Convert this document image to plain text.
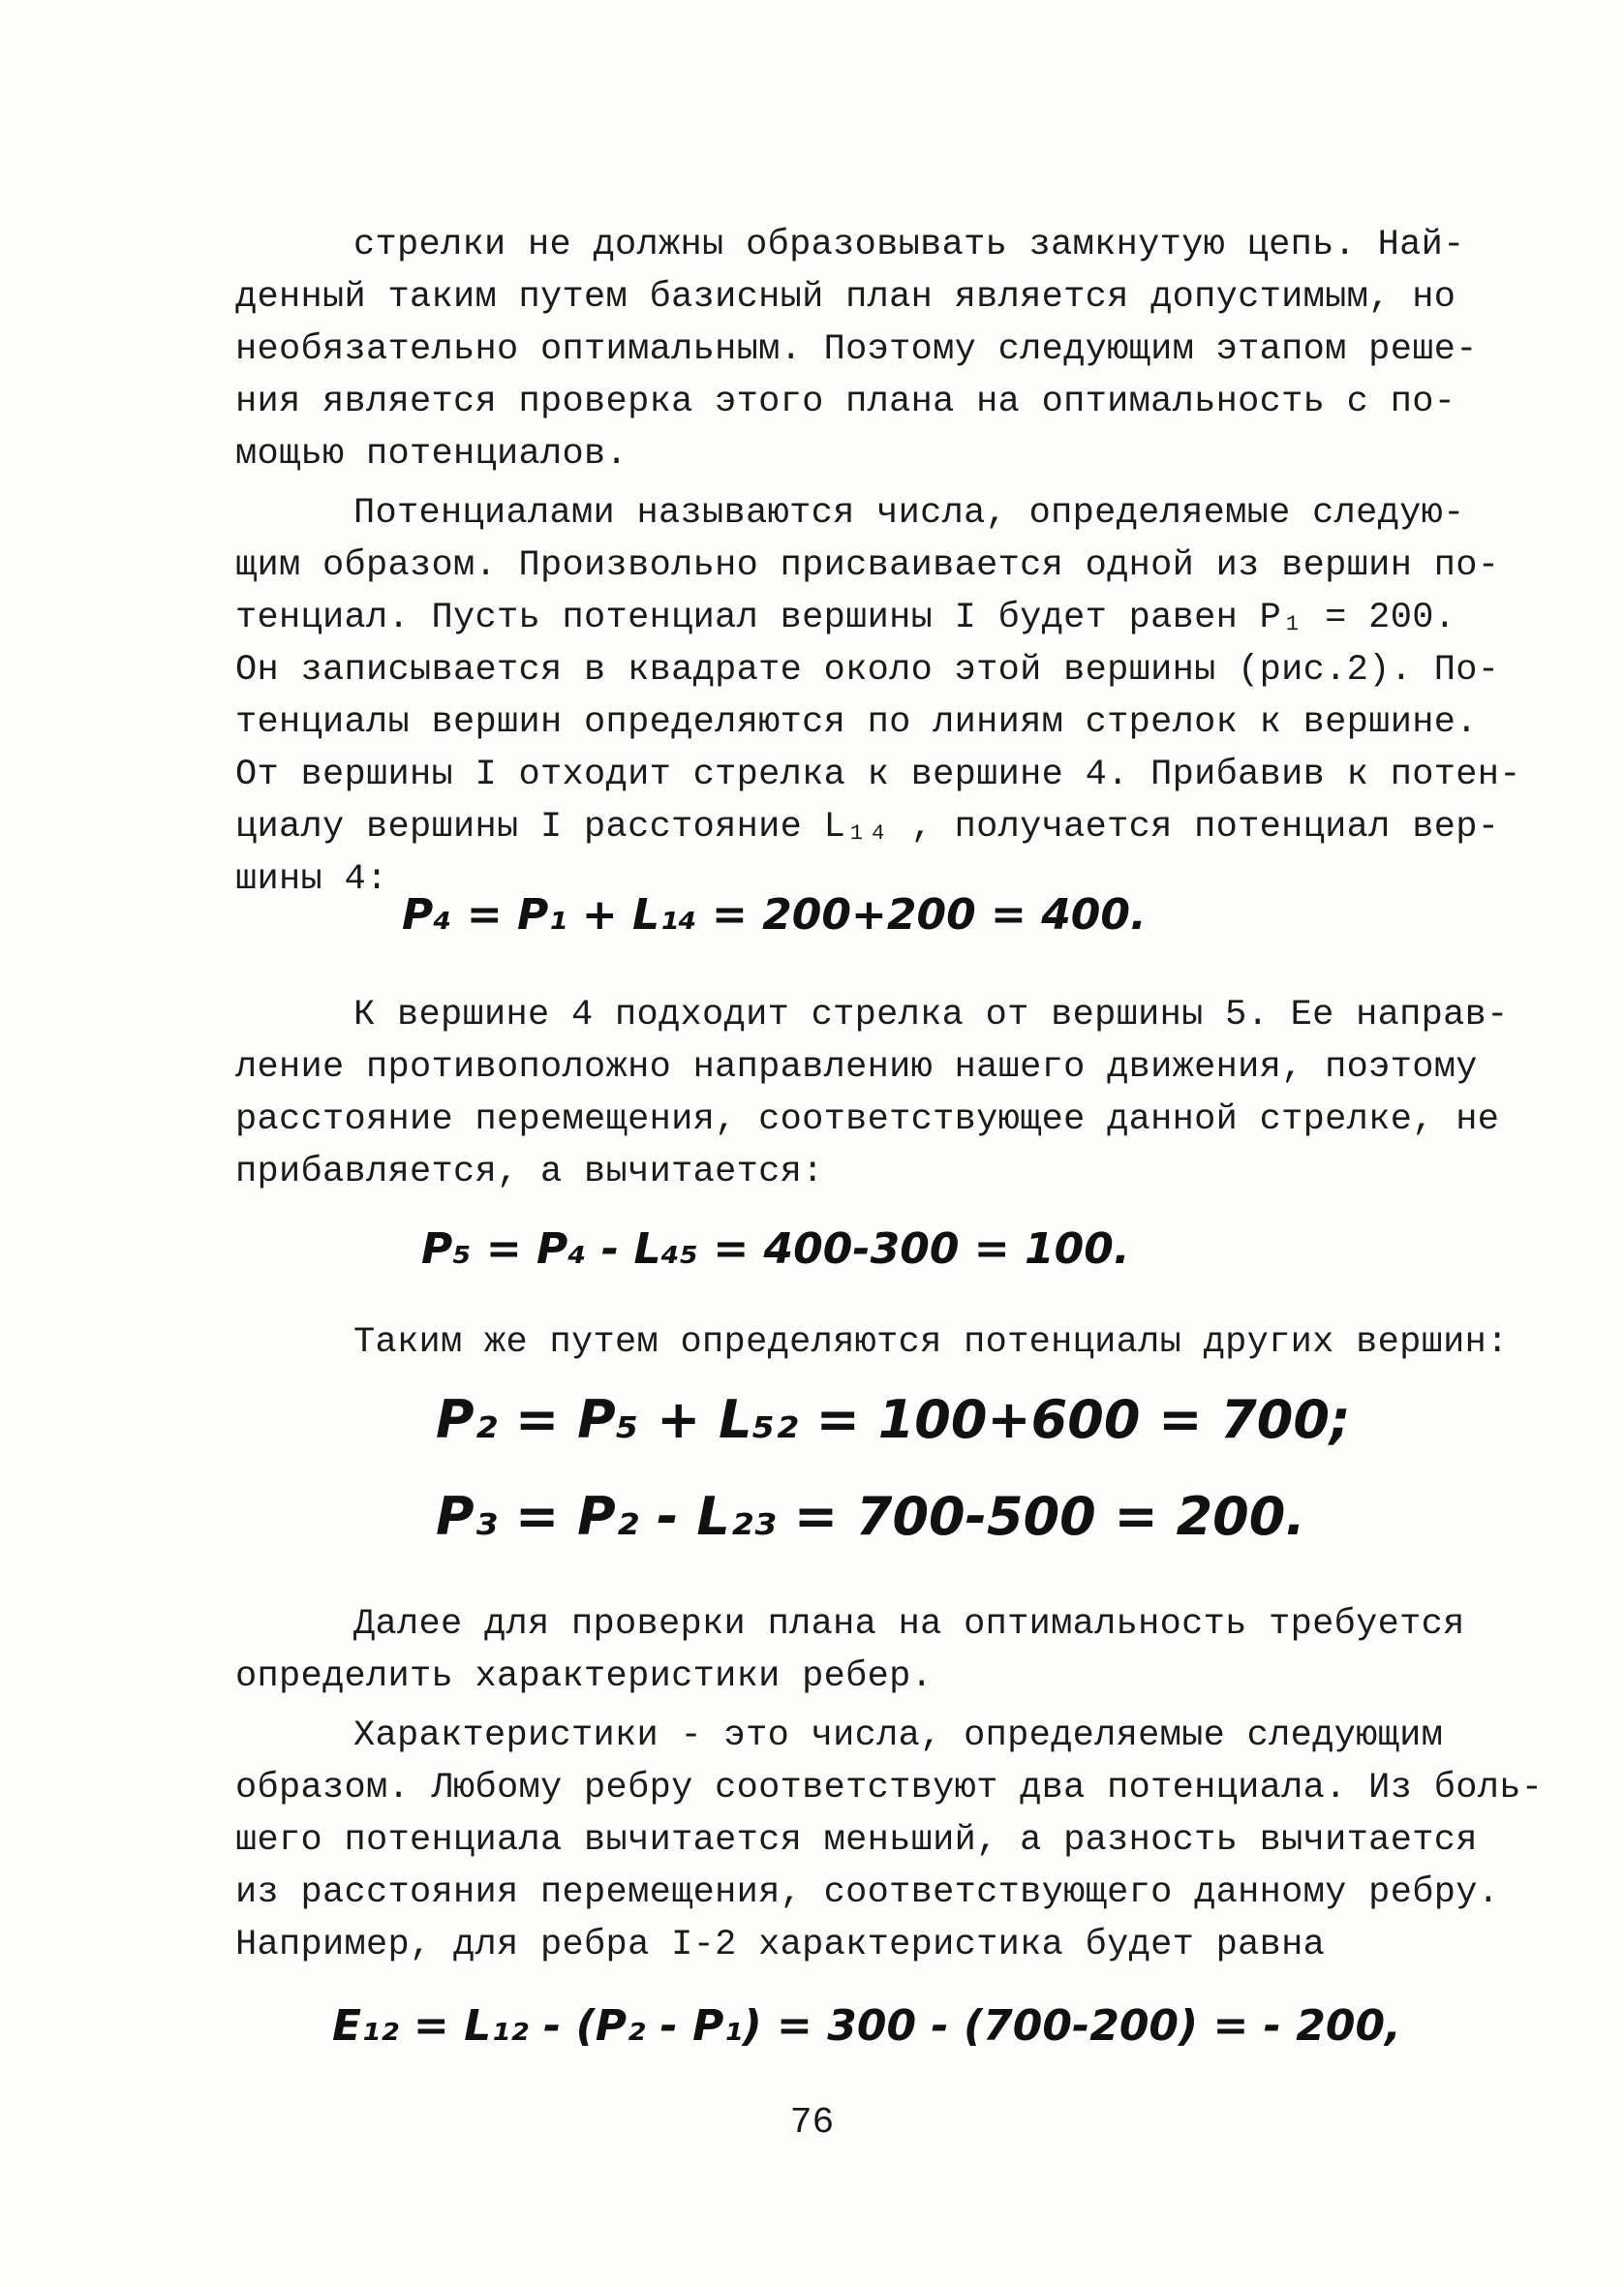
стрелки не должны образовывать замкнутую цепь. Най-
денный таким путем базисный план является допустимым, но
необязательно оптимальным. Поэтому следующим этапом реше-
ния является проверка этого плана на оптимальность с по-
мощью потенциалов.
Потенциалами называются числа, определяемые следую-
щим образом. Произвольно присваивается одной из вершин по-
тенциал. Пусть потенциал вершины I будет равен P₁ = 200.
Он записывается в квадрате около этой вершины (рис.2). По-
тенциалы вершин определяются по линиям стрелок к вершине.
От вершины I отходит стрелка к вершине 4. Прибавив к потен-
циалу вершины I расстояние L₁₄ , получается потенциал вер-
шины 4:
P₄ = P₁ + L₁₄ = 200+200 = 400.
К вершине 4 подходит стрелка от вершины 5. Ее направ-
ление противоположно направлению нашего движения, поэтому
расстояние перемещения, соответствующее данной стрелке, не
прибавляется, а вычитается:
P₅ = P₄ - L₄₅ = 400-300 = 100.
Таким же путем определяются потенциалы других вершин:
P₂ = P₅ + L₅₂ = 100+600 = 700;
P₃ = P₂ - L₂₃ = 700-500 = 200.
Далее для проверки плана на оптимальность требуется
определить характеристики ребер.
Характеристики - это числа, определяемые следующим
образом. Любому ребру соответствуют два потенциала. Из боль-
шего потенциала вычитается меньший, а разность вычитается
из расстояния перемещения, соответствующего данному ребру.
Например, для ребра I-2 характеристика будет равна
E₁₂ = L₁₂ - (P₂ - P₁) = 300 - (700-200) = - 200,
76
